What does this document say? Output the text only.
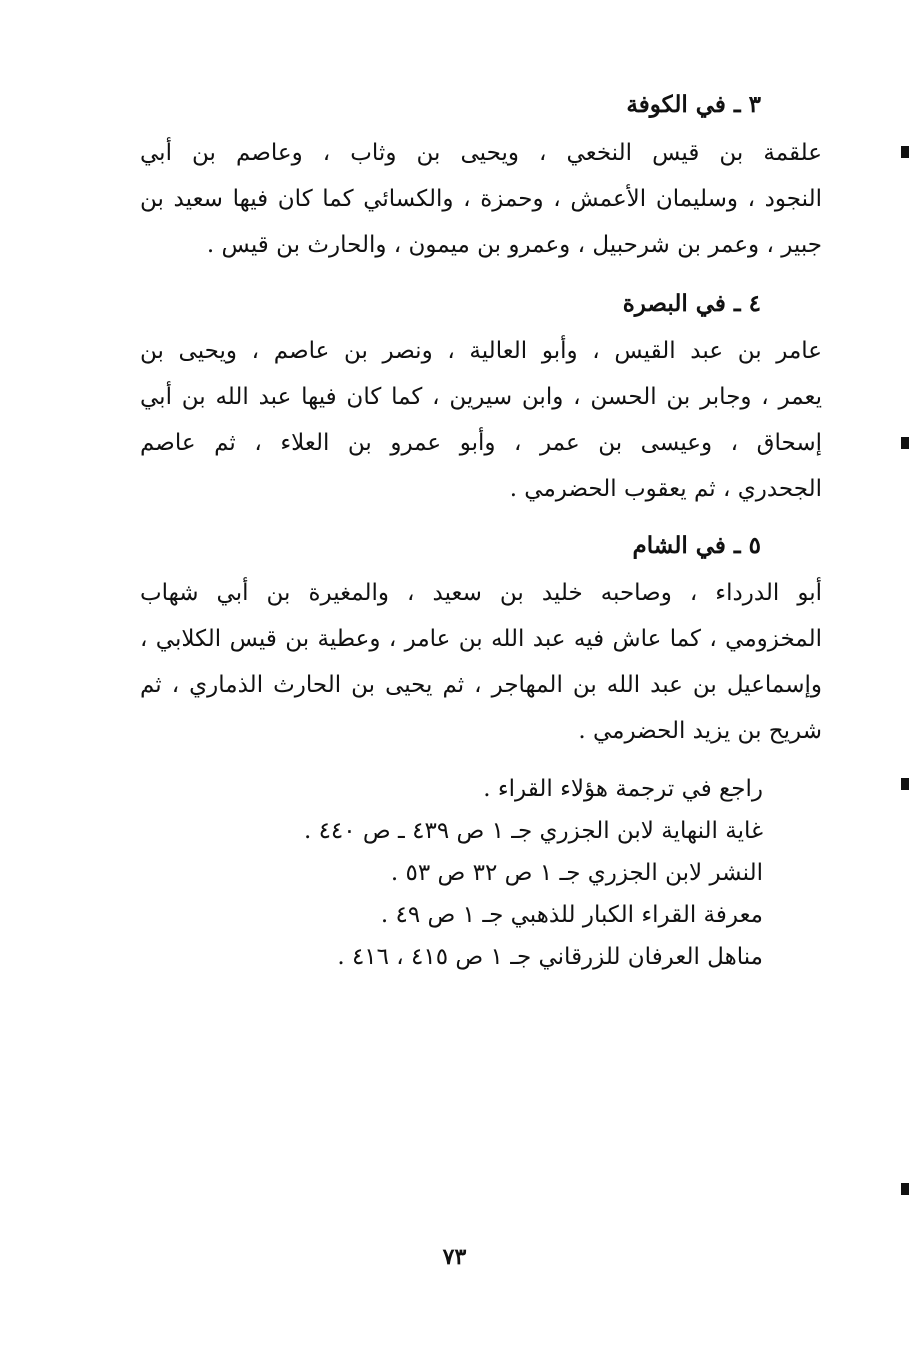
٣ ـ في الكوفة
علقمة بن قيس النخعي ، ويحيى بن وثاب ، وعاصم بن أبي
النجود ، وسليمان الأعمش ، وحمزة ، والكسائي كما كان فيها سعيد بن
جبير ، وعمر بن شرحبيل ، وعمرو بن ميمون ، والحارث بن قيس .
٤ ـ في البصرة
عامر بن عبد القيس ، وأبو العالية ، ونصر بن عاصم ، ويحيى بن
يعمر ، وجابر بن الحسن ، وابن سيرين ، كما كان فيها عبد الله بن أبي
إسحاق ، وعيسى بن عمر ، وأبو عمرو بن العلاء ، ثم عاصم
الجحدري ، ثم يعقوب الحضرمي .
٥ ـ في الشام
أبو الدرداء ، وصاحبه خليد بن سعيد ، والمغيرة بن أبي شهاب
المخزومي ، كما عاش فيه عبد الله بن عامر ، وعطية بن قيس الكلابي ،
وإسماعيل بن عبد الله بن المهاجر ، ثم يحيى بن الحارث الذماري ، ثم
شريح بن يزيد الحضرمي .
راجع في ترجمة هؤلاء القراء .
غاية النهاية لابن الجزري جـ ١ ص ٤٣٩ ـ ص ٤٤٠ .
النشر لابن الجزري جـ ١ ص ٣٢ ص ٥٣ .
معرفة القراء الكبار للذهبي جـ ١ ص ٤٩ .
مناهل العرفان للزرقاني جـ ١ ص ٤١٥ ، ٤١٦ .
٧٣
